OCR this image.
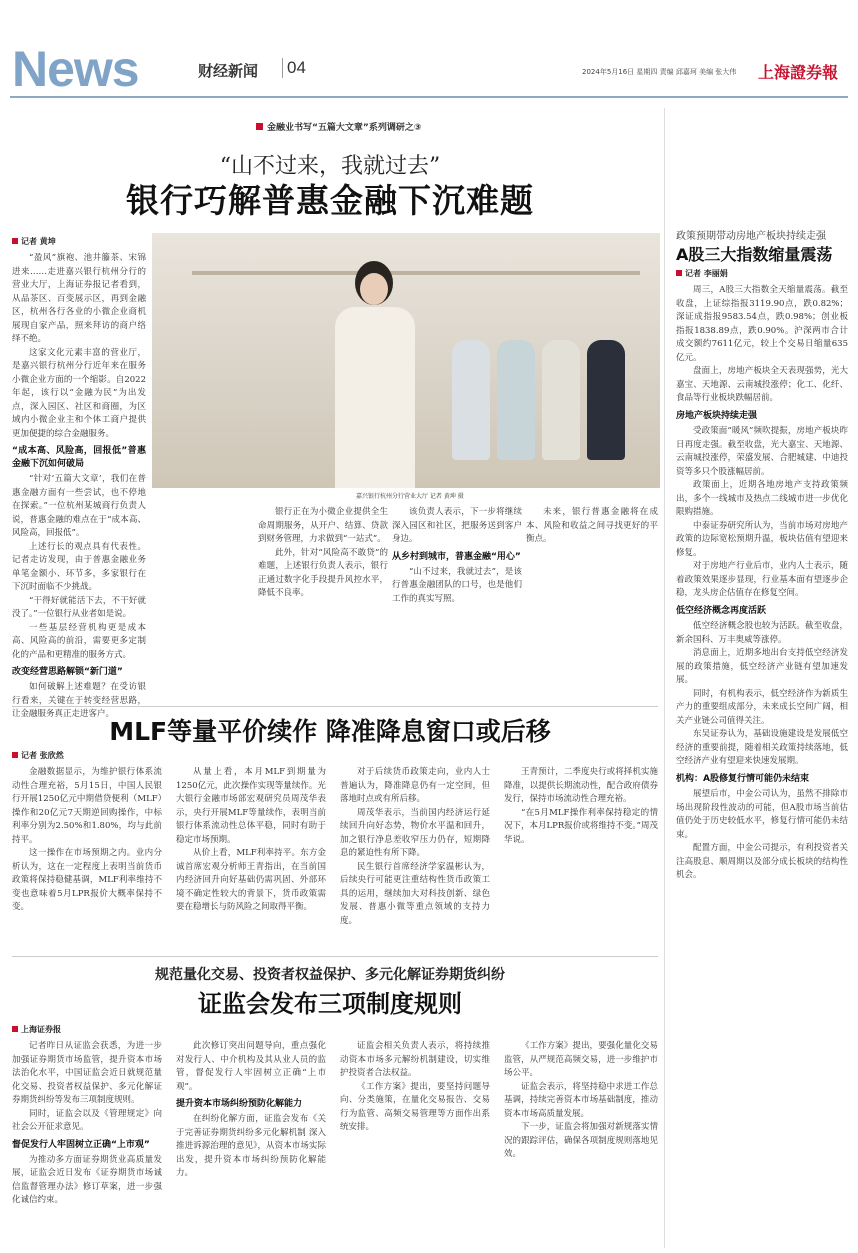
News	财经新闻 04	2024年5月16日 星期四 责编 邱嘉珂 美编 张大伟 上海證券報
金融业书写“五篇大文章”系列调研之③
“山不过来，我就过去”
银行巧解普惠金融下沉难题
记者 黄坤

“盈风”旗袍、池井籐茶、宋锦进来……走进嘉兴银行杭州分行的营业大厅，上海证券报记者看到，从品茶区、百变展示区，再到金融区，杭州各行各业的小微企业商机展现自家产品，照来拜访的商户络绎不绝。

这家文化元素丰富的营业厅，是嘉兴银行杭州分行近年来在服务小微企业方面的一个缩影。自2022年起，该行以“金融为民”为出发点，深入园区、社区和商圈，为区域内小微企业主和个体工商户提供更加便捷的综合金融服务。

“成本高、风险高，回报低”普惠金融下沉如何破局

“针对‘五篇大文章’，我们在普惠金融方面有一些尝试，也不停地在探索。”一位杭州某城商行负责人说，普惠金融的难点在于“成本高、风险高，回报低”。

上述行长的观点具有代表性。记者走访发现，由于普惠金融业务单笔金额小、环节多，多家银行在下沉时面临不少挑战。

“干得好就能活下去，不干好就没了。”一位银行从业者如是说。

一些基层经营机构更是成本高、风险高的前沿，需要更多定制化的产品和更精准的服务方式。

改变经营思路解锁“新门道”

如何破解上述难题？在受访银行看来，关键在于转变经营思路，让金融服务真正走进客户。

嘉兴银行杭州分行营业大厅 记者 黄坤 摄

银行正在为小微企业提供全生命周期服务，从开户、结算、贷款到财务管理，力求做到“一站式”。

此外，针对“风险高不敢贷”的难题，上述银行负责人表示，银行正通过数字化手段提升风控水平，降低不良率。

该负责人表示，下一步将继续深入园区和社区，把服务送到客户身边。

从乡村到城市，普惠金融“用心”

“山不过来，我就过去”，是该行普惠金融团队的口号，也是他们工作的真实写照。

未来，银行普惠金融将在成本、风险和收益之间寻找更好的平衡点。

政策预期带动房地产板块持续走强
A股三大指数缩量震荡
记者 李丽娟

周三，A股三大指数全天缩量震荡。截至收盘，上证综指报3119.90点，跌0.82%；深证成指报9583.54点，跌0.98%；创业板指报1838.89点，跌0.90%。沪深两市合计成交额约7611亿元，较上个交易日缩量635亿元。

盘面上，房地产板块全天表现强势，光大嘉宝、天地源、云南城投涨停；化工、化纤、食品等行业板块跌幅居前。

房地产板块持续走强

受政策面“暖风”频吹提振，房地产板块昨日再度走强。截至收盘，光大嘉宝、天地源、云南城投涨停，荣盛发展、合肥城建、中迪投资等多只个股涨幅居前。

政策面上，近期各地房地产支持政策频出，多个一线城市及热点二线城市进一步优化限购措施。

中泰证券研究所认为，当前市场对房地产政策的边际宽松预期升温，板块估值有望迎来修复。

对于房地产行业后市，业内人士表示，随着政策效果逐步显现，行业基本面有望逐步企稳，龙头房企估值存在修复空间。

低空经济概念再度活跃

低空经济概念股也较为活跃。截至收盘，新余国科、万丰奥威等涨停。

消息面上，近期多地出台支持低空经济发展的政策措施，低空经济产业链有望加速发展。

同时，有机构表示，低空经济作为新质生产力的重要组成部分，未来成长空间广阔，相关产业链公司值得关注。

东吴证券认为，基础设施建设是发展低空经济的重要前提，随着相关政策持续落地，低空经济产业有望迎来快速发展期。

机构：A股修复行情可能仍未结束

展望后市，中金公司认为，虽然不排除市场出现阶段性波动的可能，但A股市场当前估值仍处于历史较低水平，修复行情可能仍未结束。

配置方面，中金公司提示，有利投资者关注高股息、顺周期以及部分成长板块的结构性机会。

MLF等量平价续作 降准降息窗口或后移
记者 张欣然

金融数据显示，为维护银行体系流动性合理充裕，5月15日，中国人民银行开展1250亿元中期借贷便利（MLF）操作和20亿元7天期逆回购操作，中标利率分别为2.50%和1.80%，均与此前持平。

这一操作在市场预期之内。业内分析认为，这在一定程度上表明当前货币政策将保持稳健基调，MLF利率维持不变也意味着5月LPR报价大概率保持不变。

从量上看，本月MLF到期量为1250亿元，此次操作实现等量续作。光大银行金融市场部宏观研究员周茂华表示，央行开展MLF等量续作，表明当前银行体系流动性总体平稳，同时有助于稳定市场预期。

从价上看，MLF利率持平。东方金诚首席宏观分析师王青指出，在当前国内经济回升向好基础仍需巩固、外部环境不确定性较大的背景下，货币政策需要在稳增长与防风险之间取得平衡。

对于后续货币政策走向，业内人士普遍认为，降准降息仍有一定空间，但落地时点或有所后移。

周茂华表示，当前国内经济运行延续回升向好态势，物价水平温和回升，加之银行净息差收窄压力仍存，短期降息的紧迫性有所下降。

民生银行首席经济学家温彬认为，后续央行可能更注重结构性货币政策工具的运用，继续加大对科技创新、绿色发展、普惠小微等重点领域的支持力度。

王青预计，二季度央行或将择机实施降准，以提供长期流动性，配合政府债券发行，保持市场流动性合理充裕。

“在5月MLF操作利率保持稳定的情况下，本月LPR报价或将维持不变。”周茂华说。

规范量化交易、投资者权益保护、多元化解证券期货纠纷
证监会发布三项制度规则
上海证券报

记者昨日从证监会获悉，为进一步加强证券期货市场监管，提升资本市场法治化水平，中国证监会近日就规范量化交易、投资者权益保护、多元化解证券期货纠纷等发布三项制度规则。

同时，证监会以及《管理规定》向社会公开征求意见。

督促发行人牢固树立正确“上市观”

为推动多方面证券期货业高质量发展，证监会近日发布《证券期货市场诚信监督管理办法》修订草案，进一步强化诚信约束。

此次修订突出问题导向，重点强化对发行人、中介机构及其从业人员的监管，督促发行人牢固树立正确“上市观”。

提升资本市场纠纷预防化解能力

在纠纷化解方面，证监会发布《关于完善证券期货纠纷多元化解机制 深入推进诉源治理的意见》，从资本市场实际出发，提升资本市场纠纷预防化解能力。

证监会相关负责人表示，将持续推动资本市场多元解纷机制建设，切实维护投资者合法权益。

《工作方案》提出，要坚持问题导向、分类施策，在量化交易报告、交易行为监管、高频交易管理等方面作出系统安排。

《工作方案》提出，要强化量化交易监管，从严规范高频交易，进一步维护市场公平。

证监会表示，将坚持稳中求进工作总基调，持续完善资本市场基础制度，推动资本市场高质量发展。

下一步，证监会将加强对新规落实情况的跟踪评估，确保各项制度规则落地见效。
